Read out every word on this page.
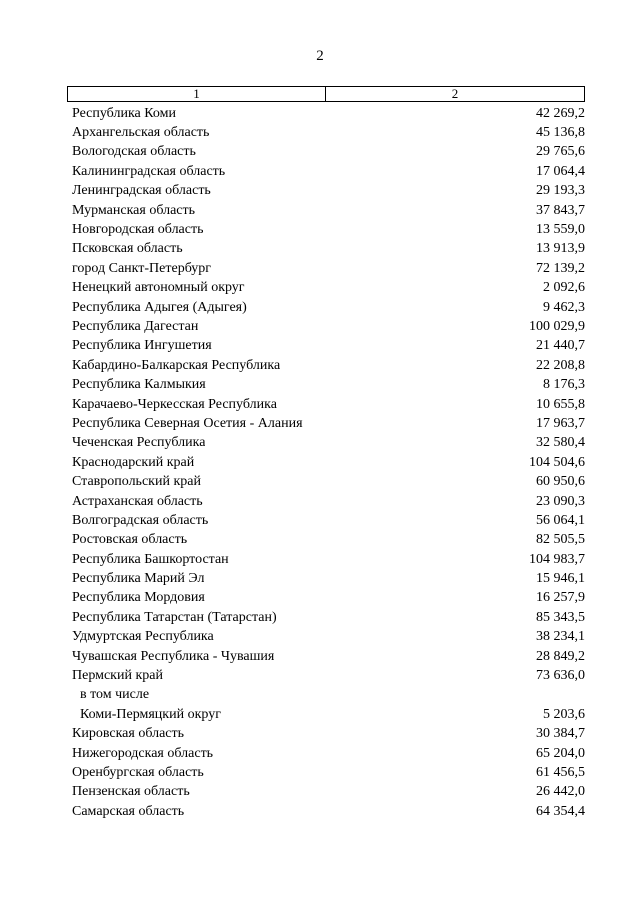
2
1	2
Республика Коми	42 269,2
Архангельская область	45 136,8
Вологодская область	29 765,6
Калининградская область	17 064,4
Ленинградская область	29 193,3
Мурманская область	37 843,7
Новгородская область	13 559,0
Псковская область	13 913,9
город Санкт-Петербург	72 139,2
Ненецкий автономный округ	2 092,6
Республика Адыгея (Адыгея)	9 462,3
Республика Дагестан	100 029,9
Республика Ингушетия	21 440,7
Кабардино-Балкарская Республика	22 208,8
Республика Калмыкия	8 176,3
Карачаево-Черкесская Республика	10 655,8
Республика Северная Осетия - Алания	17 963,7
Чеченская Республика	32 580,4
Краснодарский край	104 504,6
Ставропольский край	60 950,6
Астраханская область	23 090,3
Волгоградская область	56 064,1
Ростовская область	82 505,5
Республика Башкортостан	104 983,7
Республика Марий Эл	15 946,1
Республика Мордовия	16 257,9
Республика Татарстан (Татарстан)	85 343,5
Удмуртская Республика	38 234,1
Чувашская Республика - Чувашия	28 849,2
Пермский край	73 636,0
в том числе
Коми-Пермяцкий округ	5 203,6
Кировская область	30 384,7
Нижегородская область	65 204,0
Оренбургская область	61 456,5
Пензенская область	26 442,0
Самарская область	64 354,4
